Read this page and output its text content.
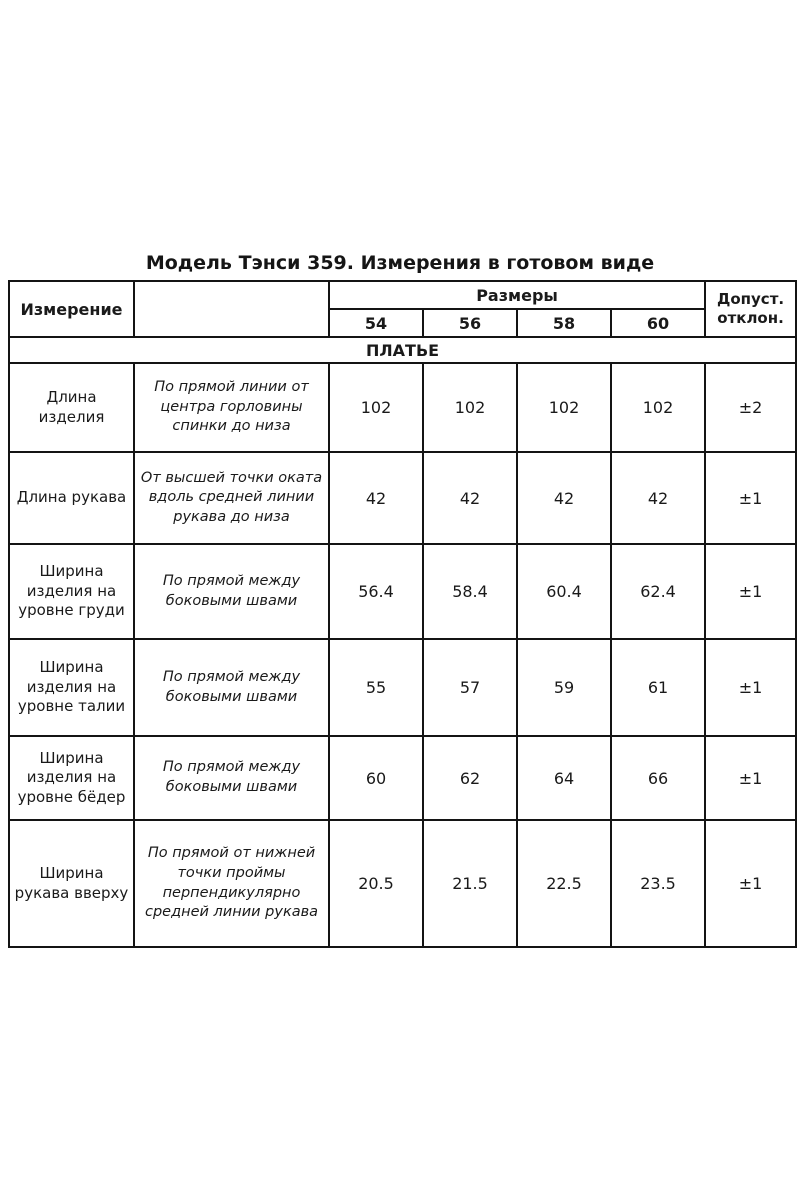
Модель Тэнси 359. Измерения в готовом виде
Измерение		Размеры				Допуст. отклон.
		54	56	58	60	
ПЛАТЬЕ						
Длина изделия	По прямой линии от центра горловины спинки до низа	102	102	102	102	±2
Длина рукава	От высшей точки оката вдоль средней линии рукава до низа	42	42	42	42	±1
Ширина изделия на уровне груди	По прямой между боковыми швами	56.4	58.4	60.4	62.4	±1
Ширина изделия на уровне талии	По прямой между боковыми швами	55	57	59	61	±1
Ширина изделия на уровне бёдер	По прямой между боковыми швами	60	62	64	66	±1
Ширина рукава вверху	По прямой от нижней точки проймы перпендикулярно средней линии рукава	20.5	21.5	22.5	23.5	±1
